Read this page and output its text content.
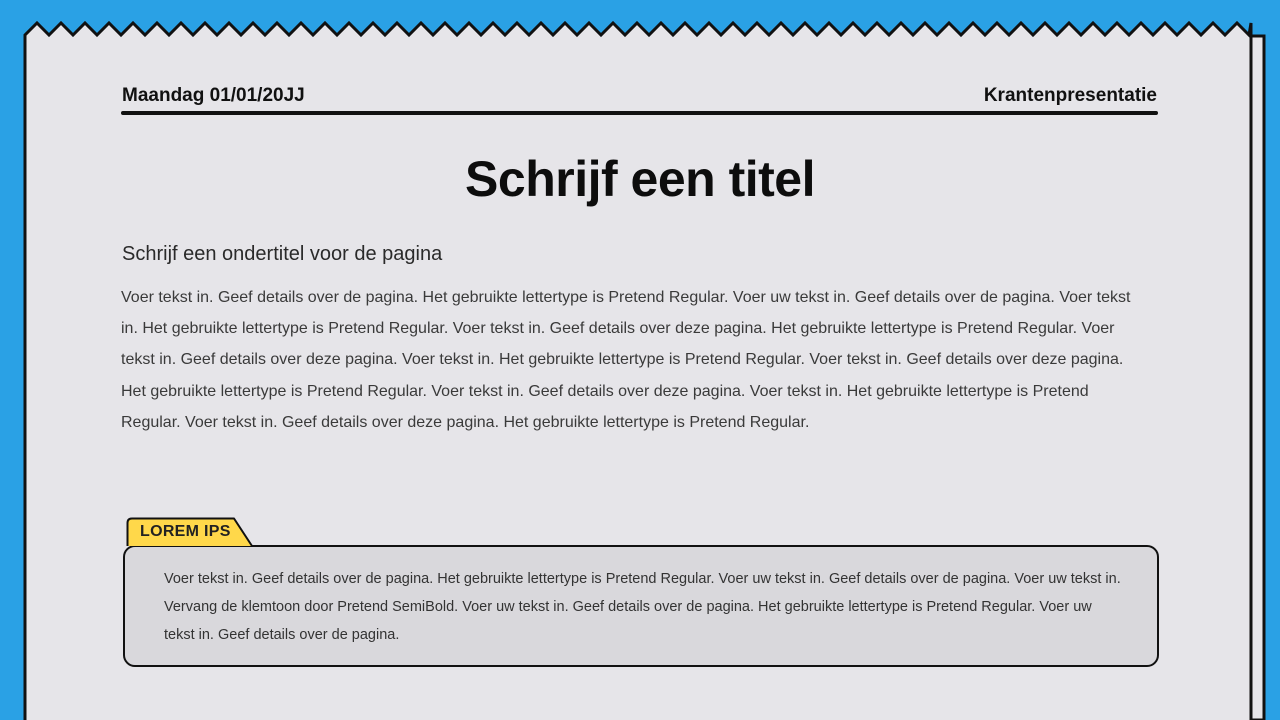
Maandag 01/01/20JJ	Krantenpresentatie
Schrijf een titel
Schrijf een ondertitel voor de pagina
Voer tekst in. Geef details over de pagina. Het gebruikte lettertype is Pretend Regular. Voer uw tekst in. Geef details over de pagina. Voer tekst in. Het gebruikte lettertype is Pretend Regular. Voer tekst in. Geef details over deze pagina. Het gebruikte lettertype is Pretend Regular. Voer tekst in. Geef details over deze pagina. Voer tekst in. Het gebruikte lettertype is Pretend Regular. Voer tekst in. Geef details over deze pagina. Het gebruikte lettertype is Pretend Regular. Voer tekst in. Geef details over deze pagina. Voer tekst in. Het gebruikte lettertype is Pretend Regular. Voer tekst in. Geef details over deze pagina. Het gebruikte lettertype is Pretend Regular.
Voer tekst in. Geef details over de pagina. Het gebruikte lettertype is Pretend Regular. Voer uw tekst in. Geef details over de pagina. Voer uw tekst in. Vervang de klemtoon door Pretend SemiBold. Voer uw tekst in. Geef details over de pagina. Het gebruikte lettertype is Pretend Regular. Voer uw tekst in. Geef details over de pagina.
LOREM IPS
